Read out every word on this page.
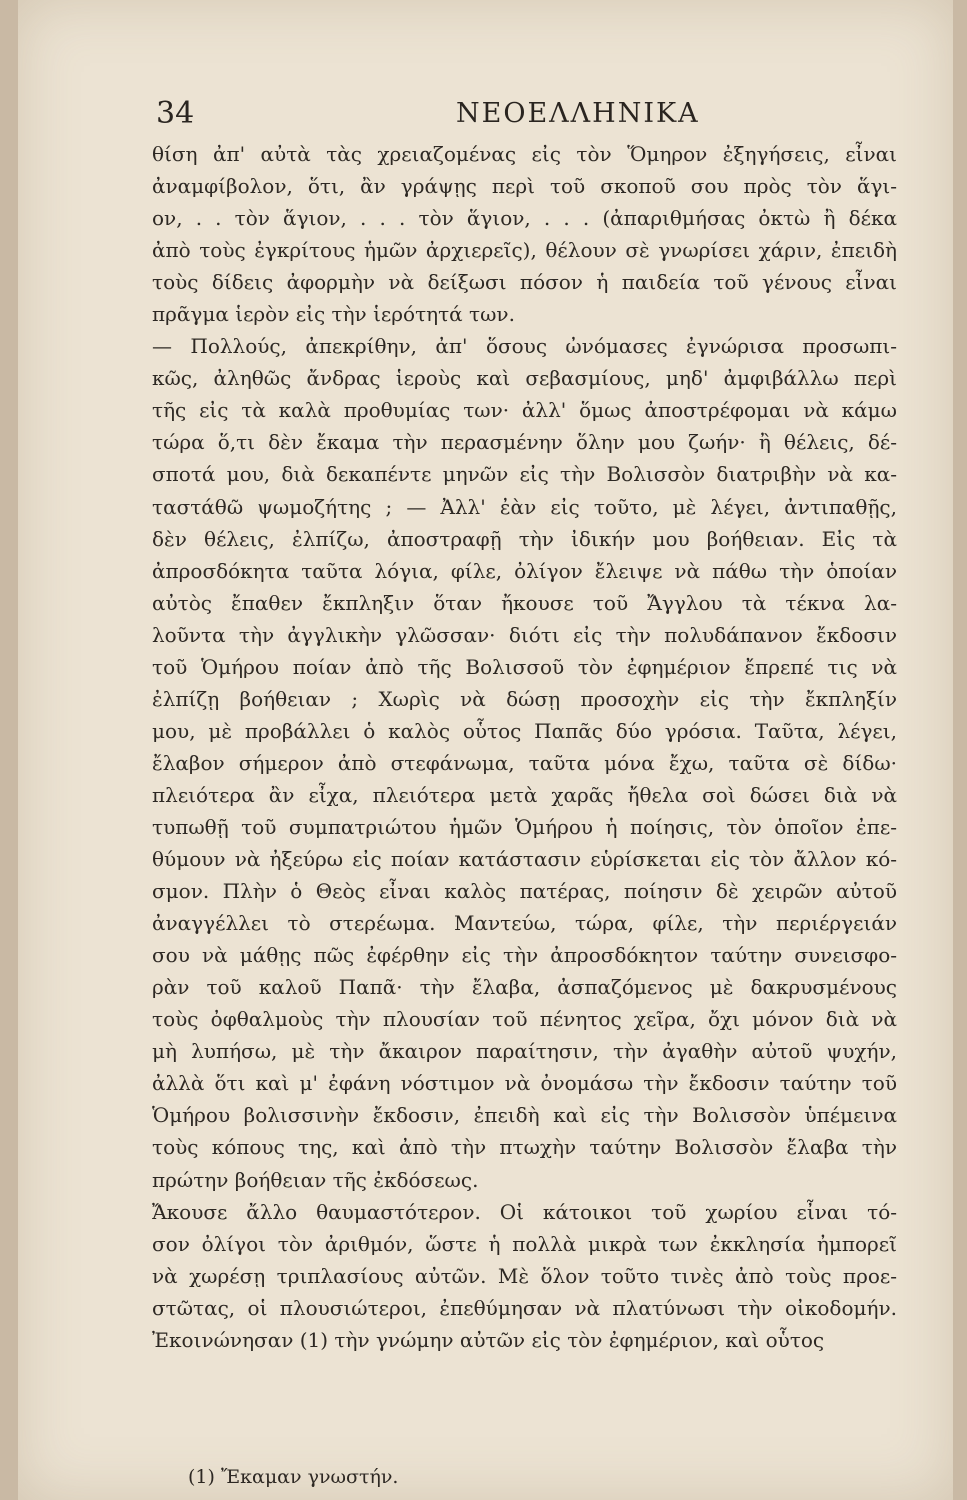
34	ΝΕΟΕΛΛΗΝΙΚΑ
θίση ἀπ' αὐτὰ τὰς χρειαζομένας εἰς τὸν Ὅμηρον ἐξηγήσεις, εἶναι
ἀναμφίβολον, ὅτι, ἂν γράψῃς περὶ τοῦ σκοποῦ σου πρὸς τὸν ἅγι-
ον, . . τὸν ἅγιον, . . . τὸν ἅγιον, . . . (ἀπαριθμήσας ὀκτὼ ἢ δέκα
ἀπὸ τοὺς ἐγκρίτους ἡμῶν ἀρχιερεῖς), θέλουν σὲ γνωρίσει χάριν, ἐπειδὴ
τοὺς δίδεις ἀφορμὴν νὰ δείξωσι πόσον ἡ παιδεία τοῦ γένους εἶναι
πρᾶγμα ἱερὸν εἰς τὴν ἱερότητά των.
— Πολλούς, ἀπεκρίθην, ἀπ' ὅσους ὠνόμασες ἐγνώρισα προσωπι-
κῶς, ἀληθῶς ἄνδρας ἱεροὺς καὶ σεβασμίους, μηδ' ἀμφιβάλλω περὶ
τῆς εἰς τὰ καλὰ προθυμίας των· ἀλλ' ὅμως ἀποστρέφομαι νὰ κάμω
τώρα ὅ,τι δὲν ἔκαμα τὴν περασμένην ὅλην μου ζωήν· ἢ θέλεις, δέ-
σποτά μου, διὰ δεκαπέντε μηνῶν εἰς τὴν Βολισσὸν διατριβὴν νὰ κα-
ταστάθῶ ψωμοζήτης ; — Ἀλλ' ἐὰν εἰς τοῦτο, μὲ λέγει, ἀντιπαθῇς,
δὲν θέλεις, ἐλπίζω, ἀποστραφῇ τὴν ἰδικήν μου βοήθειαν. Εἰς τὰ
ἀπροσδόκητα ταῦτα λόγια, φίλε, ὀλίγον ἔλειψε νὰ πάθω τὴν ὁποίαν
αὐτὸς ἔπαθεν ἔκπληξιν ὅταν ἤκουσε τοῦ Ἄγγλου τὰ τέκνα λα-
λοῦντα τὴν ἀγγλικὴν γλῶσσαν· διότι εἰς τὴν πολυδάπανον ἔκδοσιν
τοῦ Ὁμήρου ποίαν ἀπὸ τῆς Βολισσοῦ τὸν ἐφημέριον ἔπρεπέ τις νὰ
ἐλπίζῃ βοήθειαν ; Χωρὶς νὰ δώσῃ προσοχὴν εἰς τὴν ἔκπληξίν
μου, μὲ προβάλλει ὁ καλὸς οὗτος Παπᾶς δύο γρόσια. Ταῦτα, λέγει,
ἔλαβον σήμερον ἀπὸ στεφάνωμα, ταῦτα μόνα ἔχω, ταῦτα σὲ δίδω·
πλειότερα ἂν εἶχα, πλειότερα μετὰ χαρᾶς ἤθελα σοὶ δώσει διὰ νὰ
τυπωθῇ τοῦ συμπατριώτου ἡμῶν Ὁμήρου ἡ ποίησις, τὸν ὁποῖον ἐπε-
θύμουν νὰ ἠξεύρω εἰς ποίαν κατάστασιν εὑρίσκεται εἰς τὸν ἄλλον κό-
σμον. Πλὴν ὁ Θεὸς εἶναι καλὸς πατέρας, ποίησιν δὲ χειρῶν αὐτοῦ
ἀναγγέλλει τὸ στερέωμα. Μαντεύω, τώρα, φίλε, τὴν περιέργειάν
σου νὰ μάθῃς πῶς ἐφέρθην εἰς τὴν ἀπροσδόκητον ταύτην συνεισφο-
ρὰν τοῦ καλοῦ Παπᾶ· τὴν ἔλαβα, ἀσπαζόμενος μὲ δακρυσμένους
τοὺς ὀφθαλμοὺς τὴν πλουσίαν τοῦ πένητος χεῖρα, ὄχι μόνον διὰ νὰ
μὴ λυπήσω, μὲ τὴν ἄκαιρον παραίτησιν, τὴν ἀγαθὴν αὐτοῦ ψυχήν,
ἀλλὰ ὅτι καὶ μ' ἐφάνη νόστιμον νὰ ὀνομάσω τὴν ἔκδοσιν ταύτην τοῦ
Ὁμήρου βολισσινὴν ἔκδοσιν, ἐπειδὴ καὶ εἰς τὴν Βολισσὸν ὑπέμεινα
τοὺς κόπους της, καὶ ἀπὸ τὴν πτωχὴν ταύτην Βολισσὸν ἔλαβα τὴν
πρώτην βοήθειαν τῆς ἐκδόσεως.
Ἄκουσε ἄλλο θαυμαστότερον. Οἱ κάτοικοι τοῦ χωρίου εἶναι τό-
σον ὀλίγοι τὸν ἀριθμόν, ὥστε ἡ πολλὰ μικρὰ των ἐκκλησία ἠμπορεῖ
νὰ χωρέσῃ τριπλασίους αὐτῶν. Μὲ ὅλον τοῦτο τινὲς ἀπὸ τοὺς προε-
στῶτας, οἱ πλουσιώτεροι, ἐπεθύμησαν νὰ πλατύνωσι τὴν οἰκοδομήν.
Ἐκοινώνησαν (1) τὴν γνώμην αὐτῶν εἰς τὸν ἐφημέριον, καὶ οὗτος
(1) Ἔκαμαν γνωστήν.
